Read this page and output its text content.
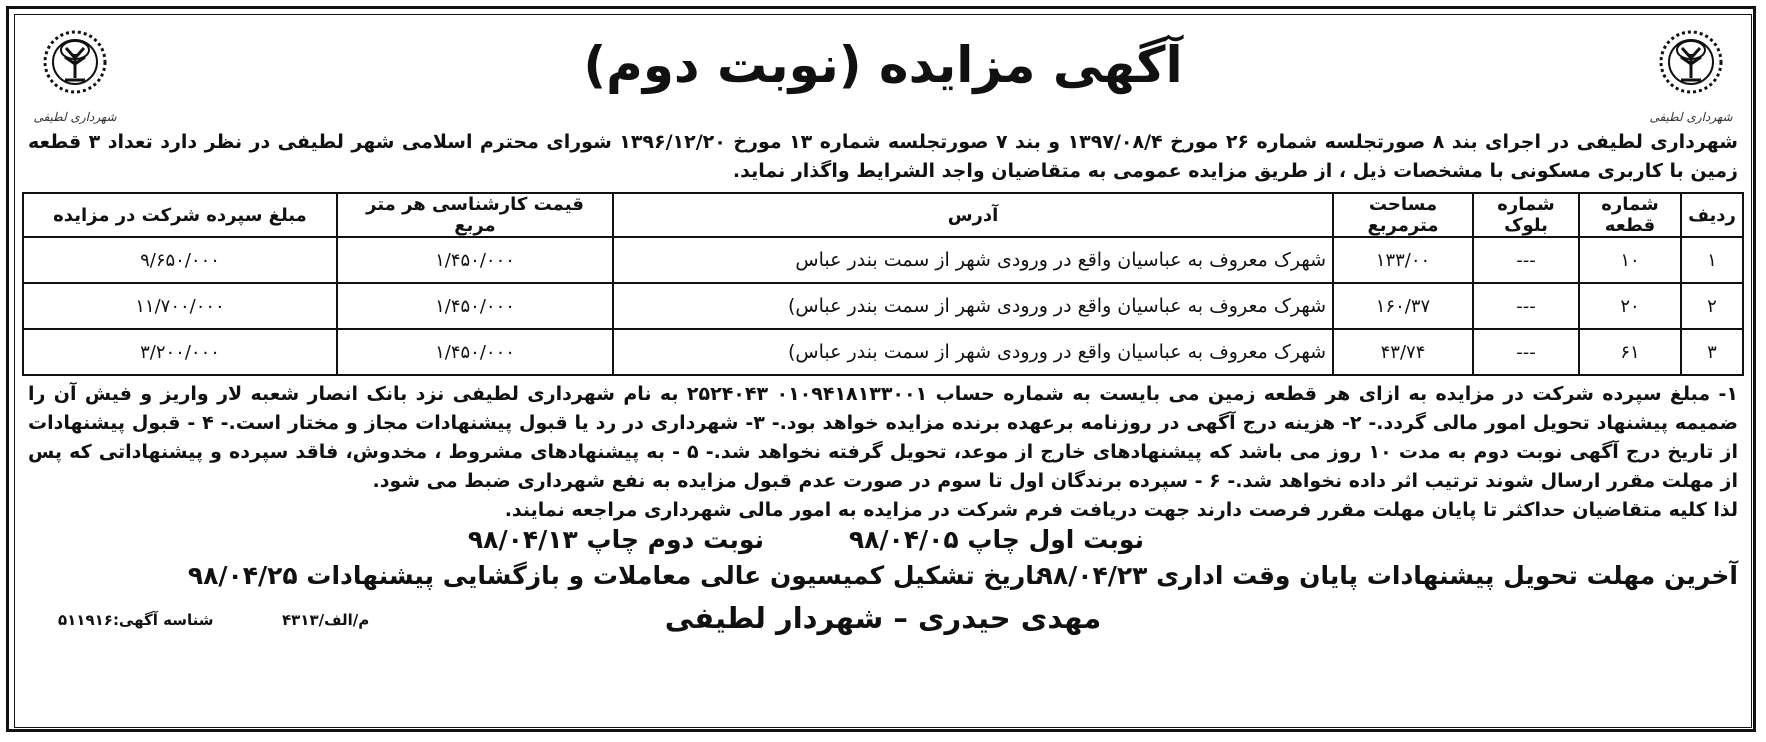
شهرداری لطیفی
آگهی مزایده (نوبت دوم)
شهرداری لطیفی
شهرداری لطیفی در اجرای بند ۸ صورتجلسه شماره ۲۶ مورخ ۱۳۹۷/۰۸/۴ و بند ۷ صورتجلسه شماره ۱۳ مورخ ۱۳۹۶/۱۲/۲۰ شورای محترم اسلامی شهر لطیفی در نظر دارد تعداد ۳ قطعه زمین با کاربری مسکونی با مشخصات ذیل ، از طریق مزایده عمومی به متقاضیان واجد الشرایط واگذار نماید.
ردیف	شماره قطعه	شماره بلوک	مساحت مترمربع	آدرس	قیمت کارشناسی هر متر مربع	مبلغ سپرده شرکت در مزایده
۱	۱۰	---	۱۳۳/۰۰	شهرک معروف به عباسیان واقع در ورودی شهر از سمت بندر عباس	۱/۴۵۰/۰۰۰	۹/۶۵۰/۰۰۰
۲	۲۰	---	۱۶۰/۳۷	شهرک معروف به عباسیان واقع در ورودی شهر از سمت بندر عباس)	۱/۴۵۰/۰۰۰	۱۱/۷۰۰/۰۰۰
۳	۶۱	---	۴۳/۷۴	شهرک معروف به عباسیان واقع در ورودی شهر از سمت بندر عباس)	۱/۴۵۰/۰۰۰	۳/۲۰۰/۰۰۰
۱- مبلغ سپرده شرکت در مزایده به ازای هر قطعه زمین می بایست به شماره حساب ۰۱۰۹۴۱۸۱۳۳۰۰۱ ۲۵۲۴۰۴۳ به نام شهرداری لطیفی نزد بانک انصار شعبه لار واریز و فیش آن را ضمیمه پیشنهاد تحویل امور مالی گردد.- ۲- هزینه درج آگهی در روزنامه برعهده برنده مزایده خواهد بود.- ۳- شهرداری در رد یا قبول پیشنهادات مجاز و مختار است.- ۴ - قبول پیشنهادات از تاریخ درج آگهی نوبت دوم به مدت ۱۰ روز می باشد که پیشنهادهای خارج از موعد، تحویل گرفته نخواهد شد.- ۵ - به پیشنهادهای مشروط ، مخدوش، فاقد سپرده و پیشنهاداتی که پس از مهلت مقرر ارسال شوند ترتیب اثر داده نخواهد شد.- ۶ - سپرده برندگان اول تا سوم در صورت عدم قبول مزایده به نفع شهرداری ضبط می شود.
لذا کلیه متقاضیان حداکثر تا پایان مهلت مقرر فرصت دارند جهت دریافت فرم شرکت در مزایده به امور مالی شهرداری مراجعه نمایند.
نوبت اول چاپ ۹۸/۰۴/۰۵
نوبت دوم چاپ ۹۸/۰۴/۱۳
آخرین مهلت تحویل پیشنهادات پایان وقت اداری ۹۸/۰۴/۲۳
تاریخ تشکیل کمیسیون عالی معاملات و بازگشایی پیشنهادات ۹۸/۰۴/۲۵
مهدی حیدری – شهردار لطیفی
م/الف/۴۳۱۳
شناسه آگهی:۵۱۱۹۱۶
